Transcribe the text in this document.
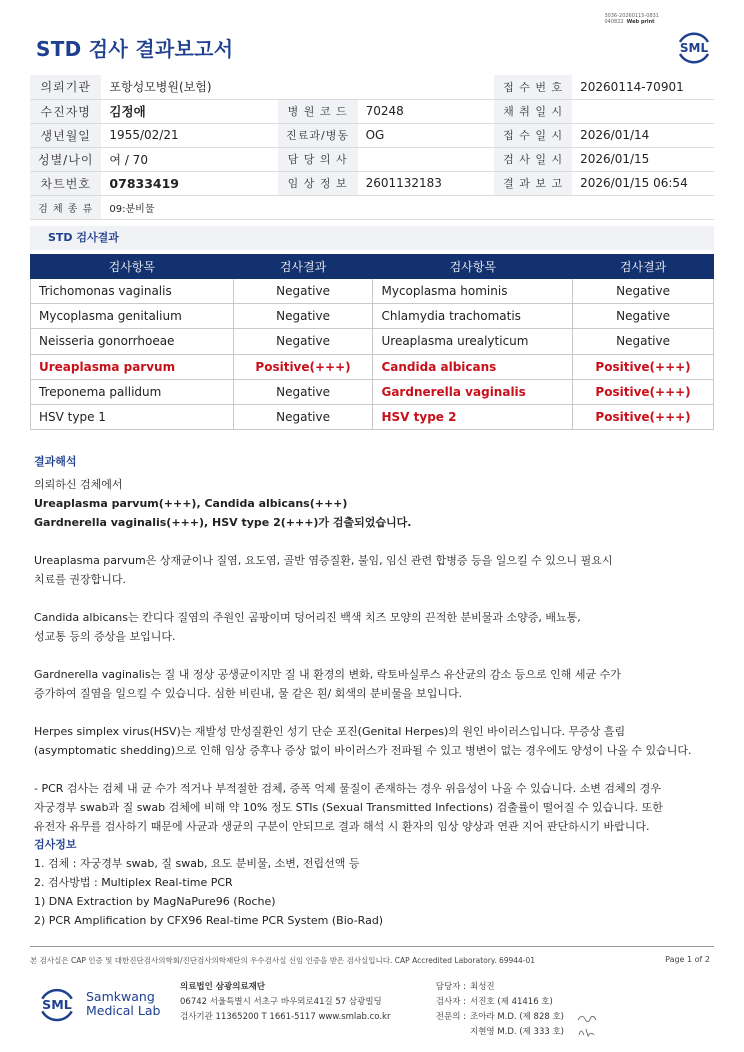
3036-20260115-0831
040822 Web print
STD 검사 결과보고서	SML
의뢰기관	포항성모병원(보험)			접 수 번 호	20260114-70901
수진자명	김정애	병 원 코 드	70248	채 취 일 시	
생년월일	1955/02/21	진료과/병동	OG	접 수 일 시	2026/01/14
성별/나이	여 / 70	담 당 의 사		검 사 일 시	2026/01/15
차트번호	07833419	임 상 정 보	2601132183	결 과 보 고	2026/01/15 06:54
검 체 종 류	09:분비물				
STD 검사결과
검사항목	검사결과	검사항목	검사결과
Trichomonas vaginalis	Negative	Mycoplasma hominis	Negative
Mycoplasma genitalium	Negative	Chlamydia trachomatis	Negative
Neisseria gonorrhoeae	Negative	Ureaplasma urealyticum	Negative
Ureaplasma parvum	Positive(+++)	Candida albicans	Positive(+++)
Treponema pallidum	Negative	Gardnerella vaginalis	Positive(+++)
HSV type 1	Negative	HSV type 2	Positive(+++)
결과해석
의뢰하신 검체에서
Ureaplasma parvum(+++), Candida albicans(+++)
Gardnerella vaginalis(+++), HSV type 2(+++)가 검출되었습니다.
Ureaplasma parvum은 상재균이나 질염, 요도염, 골반 염증질환, 불임, 임신 관련 합병증 등을 일으킬 수 있으니 필요시
치료를 권장합니다.
Candida albicans는 칸디다 질염의 주원인 곰팡이며 덩어리진 백색 치즈 모양의 끈적한 분비물과 소양증, 배뇨통,
성교통 등의 증상을 보입니다.
Gardnerella vaginalis는 질 내 정상 공생균이지만 질 내 환경의 변화, 락토바실루스 유산균의 감소 등으로 인해 세균 수가
증가하여 질염을 일으킬 수 있습니다. 심한 비린내, 물 같은 흰/ 회색의 분비물을 보입니다.
Herpes simplex virus(HSV)는 재발성 만성질환인 성기 단순 포진(Genital Herpes)의 원인 바이러스입니다. 무증상 흘림
(asymptomatic shedding)으로 인해 임상 증후나 증상 없이 바이러스가 전파될 수 있고 병변이 없는 경우에도 양성이 나올 수 있습니다.
- PCR 검사는 검체 내 균 수가 적거나 부적절한 검체, 증폭 억제 물질이 존재하는 경우 위음성이 나올 수 있습니다. 소변 검체의 경우
자궁경부 swab과 질 swab 검체에 비해 약 10% 정도 STIs (Sexual Transmitted Infections) 검출률이 떨어질 수 있습니다. 또한
유전자 유무를 검사하기 때문에 사균과 생균의 구분이 안되므로 결과 해석 시 환자의 임상 양상과 연관 지어 판단하시기 바랍니다.
검사정보
1. 검체 : 자궁경부 swab, 질 swab, 요도 분비물, 소변, 전립선액 등
2. 검사방법 : Multiplex Real-time PCR
1) DNA Extraction by MagNaPure96 (Roche)
2) PCR Amplification by CFX96 Real-time PCR System (Bio-Rad)
본 검사실은 CAP 인증 및 대한진단검사의학회/진단검사의학재단의 우수검사실 신임 인증을 받은 검사실입니다. CAP Accredited Laboratory. 69944-01	Page 1 of 2
SML
Samkwang
Medical Lab
의료법인 삼광의료재단
06742 서울특별시 서초구 바우뫼로41길 57 삼광빌딩
검사기관 11365200 T 1661-5117 www.smlab.co.kr
담당자 : 최성진
검사자 : 서진호 (제 41416 호)
전문의 : 조아라 M.D. (제 828 호)
지현영 M.D. (제 333 호)
